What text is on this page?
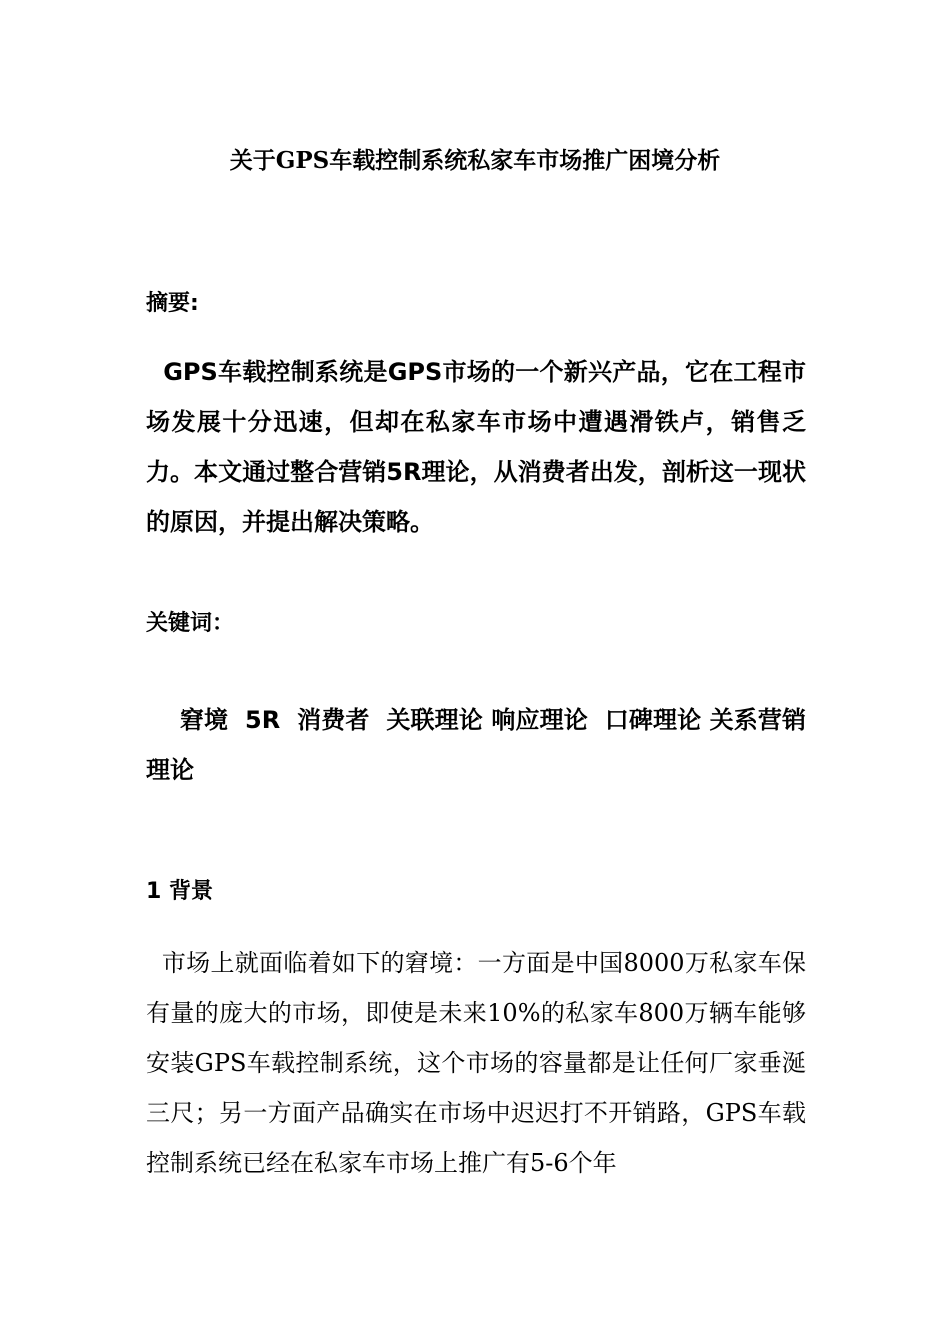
关于GPS车载控制系统私家车市场推广困境分析
摘要:

GPS车载控制系统是GPS市场的一个新兴产品，它在工程市场发展十分迅速，但却在私家车市场中遭遇滑铁卢，销售乏力。本文通过整合营销5R理论，从消费者出发，剖析这一现状的原因，并提出解决策略。

关键词：

窘境  5R  消费者  关联理论 响应理论  口碑理论 关系营销理论

1 背景

市场上就面临着如下的窘境：一方面是中国8000万私家车保有量的庞大的市场，即使是未来10%的私家车800万辆车能够安装GPS车载控制系统，这个市场的容量都是让任何厂家垂涎三尺；另一方面产品确实在市场中迟迟打不开销路，GPS车载控制系统已经在私家车市场上推广有5-6个年
